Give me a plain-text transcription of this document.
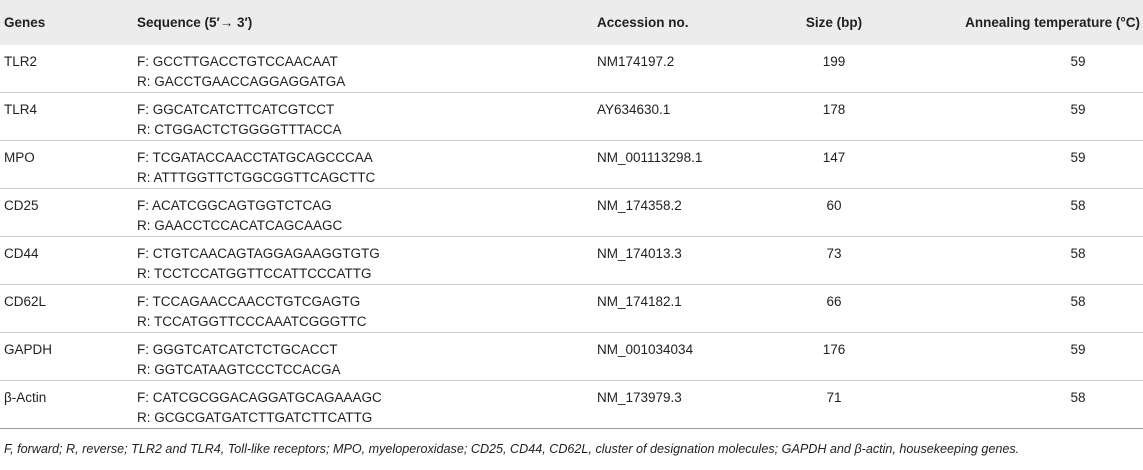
Genes	Sequence (5′→ 3′)	Accession no.	Size (bp)	Annealing temperature (°C)
TLR2	F: GCCTTGACCTGTCCAACAAT
R: GACCTGAACCAGGAGGATGA	NM174197.2	199	59
TLR4	F: GGCATCATCTTCATCGTCCT
R: CTGGACTCTGGGGTTTACCA	AY634630.1	178	59
MPO	F: TCGATACCAACCTATGCAGCCCAA
R: ATTTGGTTCTGGCGGTTCAGCTTC	NM_001113298.1	147	59
CD25	F: ACATCGGCAGTGGTCTCAG
R: GAACCTCCACATCAGCAAGC	NM_174358.2	60	58
CD44	F: CTGTCAACAGTAGGAGAAGGTGTG
R: TCCTCCATGGTTCCATTCCCATTG	NM_174013.3	73	58
CD62L	F: TCCAGAACCAACCTGTCGAGTG
R: TCCATGGTTCCCAAATCGGGTTC	NM_174182.1	66	58
GAPDH	F: GGGTCATCATCTCTGCACCT
R: GGTCATAAGTCCCTCCACGA	NM_001034034	176	59
β-Actin	F: CATCGCGGACAGGATGCAGAAAGC
R: GCGCGATGATCTTGATCTTCATTG	NM_173979.3	71	58
F, forward; R, reverse; TLR2 and TLR4, Toll-like receptors; MPO, myeloperoxidase; CD25, CD44, CD62L, cluster of designation molecules; GAPDH and β-actin, housekeeping genes.
